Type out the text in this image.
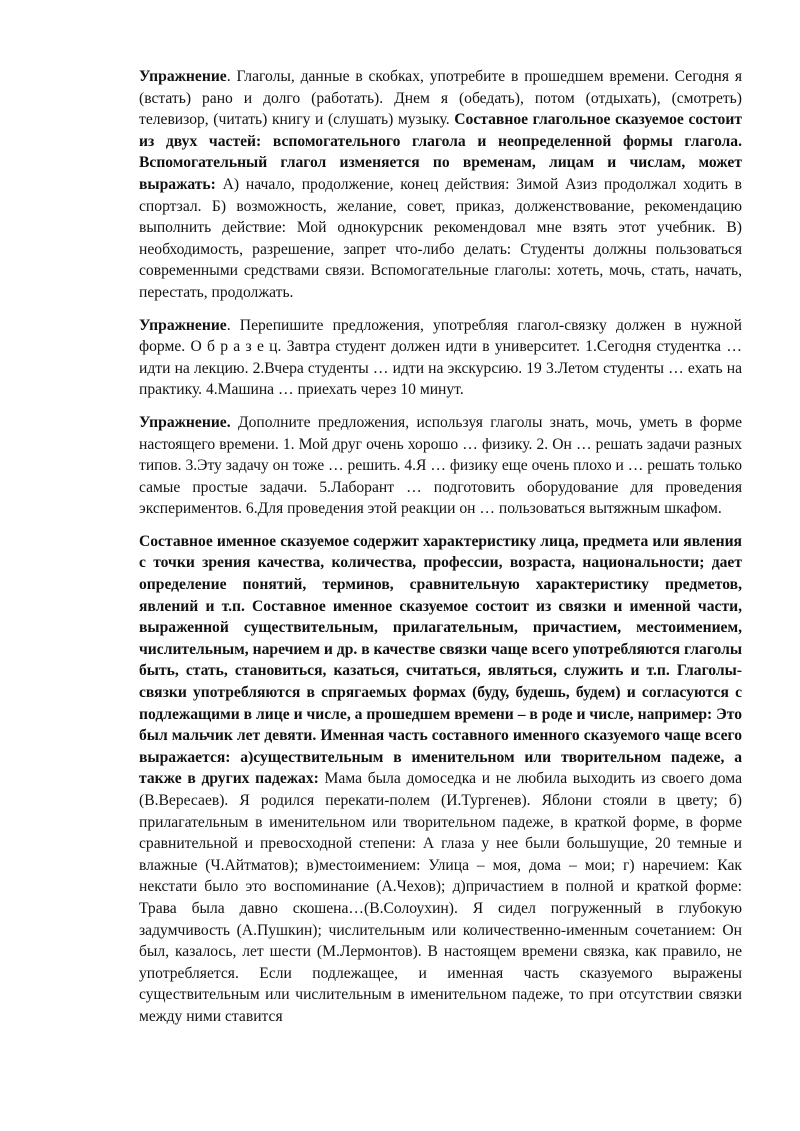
Упражнение. Глаголы, данные в скобках, употребите в прошедшем времени. Сегодня я (встать) рано и долго (работать). Днем я (обедать), потом (отдыхать), (смотреть) телевизор, (читать) книгу и (слушать) музыку. Составное глагольное сказуемое состоит из двух частей: вспомогательного глагола и неопределенной формы глагола. Вспомогательный глагол изменяется по временам, лицам и числам, может выражать: А) начало, продолжение, конец действия: Зимой Азиз продолжал ходить в спортзал. Б) возможность, желание, совет, приказ, долженствование, рекомендацию выполнить действие: Мой однокурсник рекомендовал мне взять этот учебник. В) необходимость, разрешение, запрет что-либо делать: Студенты должны пользоваться современными средствами связи. Вспомогательные глаголы: хотеть, мочь, стать, начать, перестать, продолжать.

Упражнение. Перепишите предложения, употребляя глагол-связку должен в нужной форме. О б р а з е ц. Завтра студент должен идти в университет. 1.Сегодня студентка … идти на лекцию. 2.Вчера студенты … идти на экскурсию. 19 3.Летом студенты … ехать на практику. 4.Машина … приехать через 10 минут.

Упражнение. Дополните предложения, используя глаголы знать, мочь, уметь в форме настоящего времени. 1. Мой друг очень хорошо … физику. 2. Он … решать задачи разных типов. 3.Эту задачу он тоже … решить. 4.Я … физику еще очень плохо и … решать только самые простые задачи. 5.Лаборант … подготовить оборудование для проведения экспериментов. 6.Для проведения этой реакции он … пользоваться вытяжным шкафом.

Составное именное сказуемое содержит характеристику лица, предмета или явления с точки зрения качества, количества, профессии, возраста, национальности; дает определение понятий, терминов, сравнительную характеристику предметов, явлений и т.п. Составное именное сказуемое состоит из связки и именной части, выраженной существительным, прилагательным, причастием, местоимением, числительным, наречием и др. в качестве связки чаще всего употребляются глаголы быть, стать, становиться, казаться, считаться, являться, служить и т.п. Глаголы-связки употребляются в спрягаемых формах (буду, будешь, будем) и согласуются с подлежащими в лице и числе, а прошедшем времени – в роде и числе, например: Это был мальчик лет девяти. Именная часть составного именного сказуемого чаще всего выражается: а)существительным в именительном или творительном падеже, а также в других падежах: Мама была домоседка и не любила выходить из своего дома (В.Вересаев). Я родился перекати-полем (И.Тургенев). Яблони стояли в цвету; б) прилагательным в именительном или творительном падеже, в краткой форме, в форме сравнительной и превосходной степени: А глаза у нее были большущие, 20 темные и влажные (Ч.Айтматов); в)местоимением: Улица – моя, дома – мои; г) наречием: Как некстати было это воспоминание (А.Чехов); д)причастием в полной и краткой форме: Трава была давно скошена…(В.Солоухин). Я сидел погруженный в глубокую задумчивость (А.Пушкин); числительным или количественно-именным сочетанием: Он был, казалось, лет шести (М.Лермонтов). В настоящем времени связка, как правило, не употребляется. Если подлежащее, и именная часть сказуемого выражены существительным или числительным в именительном падеже, то при отсутствии связки между ними ставится
